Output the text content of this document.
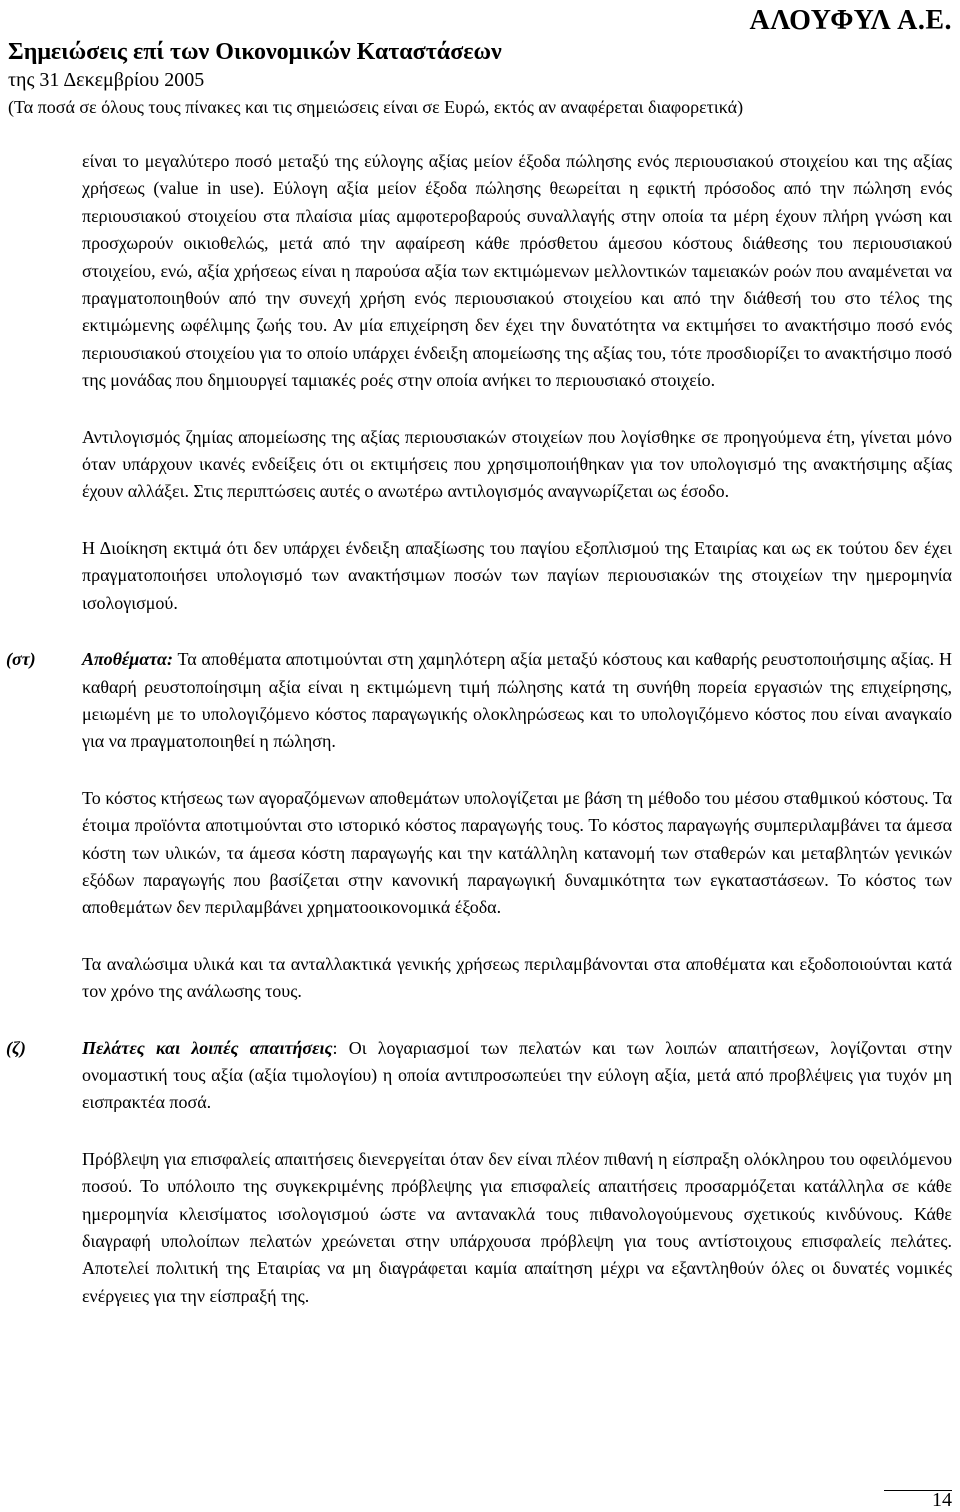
ΑΛΟΥΦΥΛ Α.Ε.
Σημειώσεις επί των Οικονομικών Καταστάσεων
της 31 Δεκεμβρίου 2005
(Τα ποσά σε όλους τους πίνακες και τις σημειώσεις είναι σε Ευρώ, εκτός αν αναφέρεται διαφορετικά)

είναι το μεγαλύτερο ποσό μεταξύ της εύλογης αξίας μείον έξοδα πώλησης ενός περιουσιακού στοιχείου και της αξίας χρήσεως (value in use). Εύλογη αξία μείον έξοδα πώλησης θεωρείται η εφικτή πρόσοδος από την πώληση ενός περιουσιακού στοιχείου στα πλαίσια μίας αμφοτεροβαρούς συναλλαγής στην οποία τα μέρη έχουν πλήρη γνώση και προσχωρούν οικιοθελώς, μετά από την αφαίρεση κάθε πρόσθετου άμεσου κόστους διάθεσης του περιουσιακού στοιχείου, ενώ, αξία χρήσεως είναι η παρούσα αξία των εκτιμώμενων μελλοντικών ταμειακών ροών που αναμένεται να πραγματοποιηθούν από την συνεχή χρήση ενός περιουσιακού στοιχείου και από την διάθεσή του στο τέλος της εκτιμώμενης ωφέλιμης ζωής του. Αν μία επιχείρηση δεν έχει την δυνατότητα να εκτιμήσει το ανακτήσιμο ποσό ενός περιουσιακού στοιχείου για το οποίο υπάρχει ένδειξη απομείωσης της αξίας του, τότε προσδιορίζει το ανακτήσιμο ποσό της μονάδας που δημιουργεί ταμιακές ροές στην οποία ανήκει το περιουσιακό στοιχείο.

Αντιλογισμός ζημίας απομείωσης της αξίας περιουσιακών στοιχείων που λογίσθηκε σε προηγούμενα έτη, γίνεται μόνο όταν υπάρχουν ικανές ενδείξεις ότι οι εκτιμήσεις που χρησιμοποιήθηκαν για τον υπολογισμό της ανακτήσιμης αξίας έχουν αλλάξει. Στις περιπτώσεις αυτές ο ανωτέρω αντιλογισμός αναγνωρίζεται ως έσοδο.

Η Διοίκηση εκτιμά ότι δεν υπάρχει ένδειξη απαξίωσης του παγίου εξοπλισμού της Εταιρίας και ως εκ τούτου δεν έχει πραγματοποιήσει υπολογισμό των ανακτήσιμων ποσών των παγίων περιουσιακών της στοιχείων την ημερομηνία ισολογισμού.

(στ)	Αποθέματα: Τα αποθέματα αποτιμούνται στη χαμηλότερη αξία μεταξύ κόστους και καθαρής ρευστοποιήσιμης αξίας. Η καθαρή ρευστοποίησιμη αξία είναι η εκτιμώμενη τιμή πώλησης κατά τη συνήθη πορεία εργασιών της επιχείρησης, μειωμένη με το υπολογιζόμενο κόστος παραγωγικής ολοκληρώσεως και το υπολογιζόμενο κόστος που είναι αναγκαίο για να πραγματοποιηθεί η πώληση.

Το κόστος κτήσεως των αγοραζόμενων αποθεμάτων υπολογίζεται με βάση τη μέθοδο του μέσου σταθμικού κόστους. Τα έτοιμα προϊόντα αποτιμούνται στο ιστορικό κόστος παραγωγής τους. Το κόστος παραγωγής συμπεριλαμβάνει τα άμεσα κόστη των υλικών, τα άμεσα κόστη παραγωγής και την κατάλληλη κατανομή των σταθερών και μεταβλητών γενικών εξόδων παραγωγής που βασίζεται στην κανονική παραγωγική δυναμικότητα των εγκαταστάσεων. Το κόστος των αποθεμάτων δεν περιλαμβάνει χρηματοοικονομικά έξοδα.

Τα αναλώσιμα υλικά και τα ανταλλακτικά γενικής χρήσεως περιλαμβάνονται στα αποθέματα και εξοδοποιούνται κατά τον χρόνο της ανάλωσης τους.

(ζ)	Πελάτες και λοιπές απαιτήσεις: Οι λογαριασμοί των πελατών και των λοιπών απαιτήσεων, λογίζονται στην ονομαστική τους αξία (αξία τιμολογίου) η οποία αντιπροσωπεύει την εύλογη αξία, μετά από προβλέψεις για τυχόν μη εισπρακτέα ποσά.

Πρόβλεψη για επισφαλείς απαιτήσεις διενεργείται όταν δεν είναι πλέον πιθανή η είσπραξη ολόκληρου του οφειλόμενου ποσού. Το υπόλοιπο της συγκεκριμένης πρόβλεψης για επισφαλείς απαιτήσεις προσαρμόζεται κατάλληλα σε κάθε ημερομηνία κλεισίματος ισολογισμού ώστε να αντανακλά τους πιθανολογούμενους σχετικούς κινδύνους. Κάθε διαγραφή υπολοίπων πελατών χρεώνεται στην υπάρχουσα πρόβλεψη για τους αντίστοιχους επισφαλείς πελάτες. Αποτελεί πολιτική της Εταιρίας να μη διαγράφεται καμία απαίτηση μέχρι να εξαντληθούν όλες οι δυνατές νομικές ενέργειες για την είσπραξή της.

14
